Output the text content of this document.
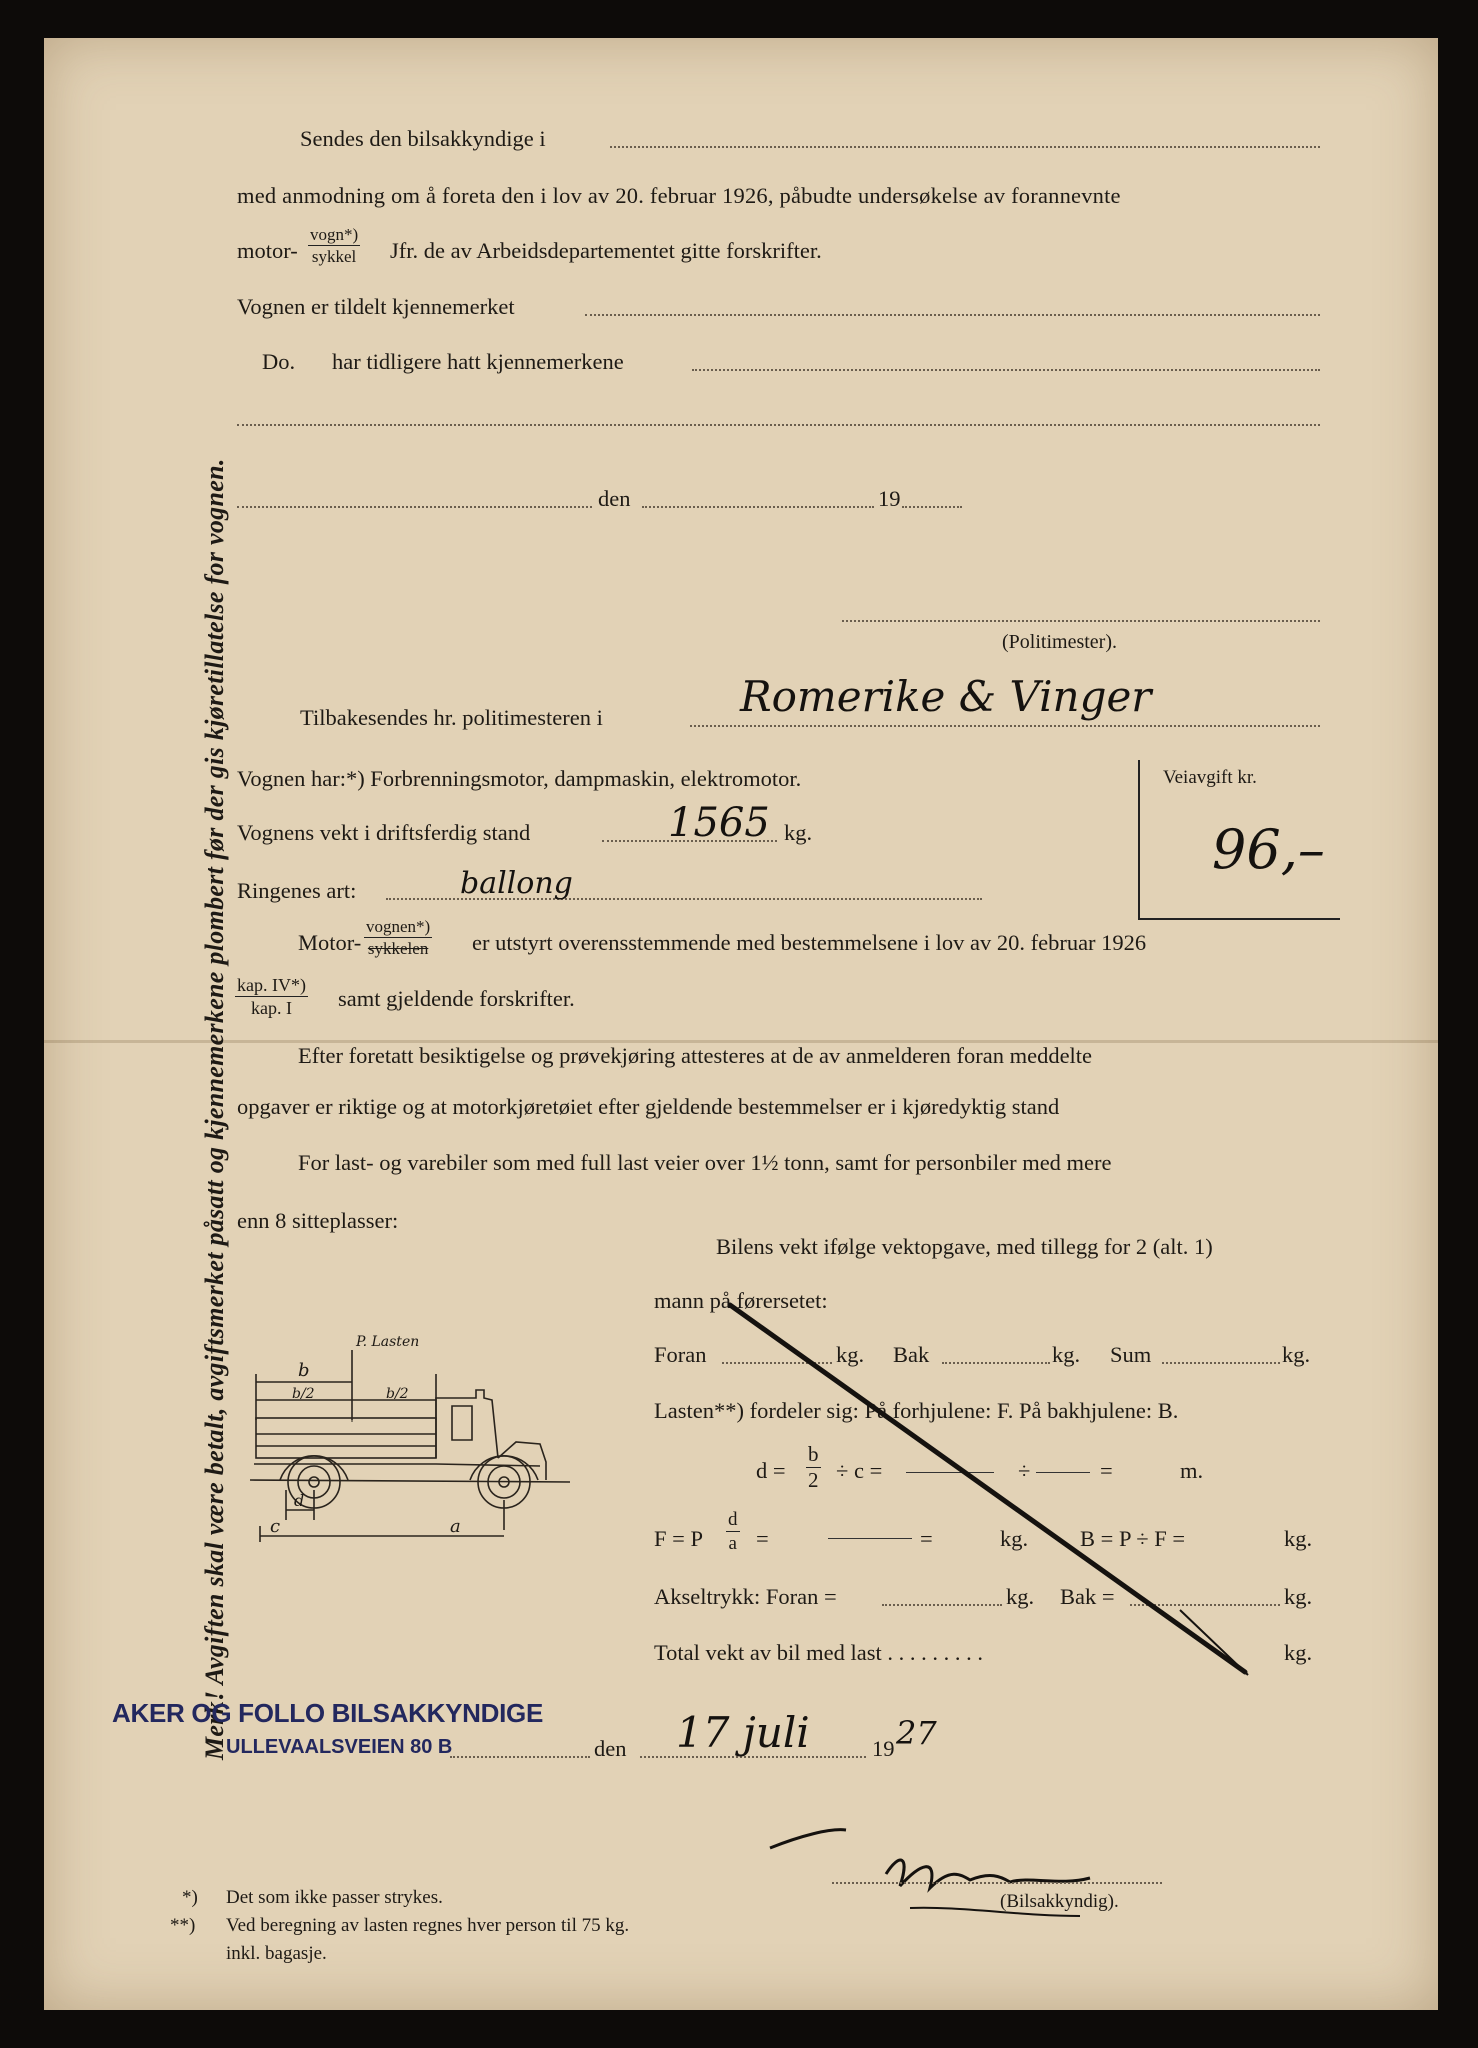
Merk! Avgiften skal være betalt, avgiftsmerket påsatt og kjennemerkene plombert før der gis kjøretillatelse for vognen.
Sendes den bilsakkyndige i
med anmodning om å foreta den i lov av 20. februar 1926, påbudte undersøkelse av forannevnte
motor-
vogn*)
sykkel Jfr. de av Arbeidsdepartementet gitte forskrifter.
Vognen er tildelt kjennemerket
Do. har tidligere hatt kjennemerkene
den	19
(Politimester).
Tilbakesendes hr. politimesteren i	Romerike & Vinger
Vognen har:*) Forbrenningsmotor, dampmaskin, elektromotor.	Veiavgift kr.
96,–
Vognens vekt i driftsferdig stand	1565 kg.
Ringenes art:	ballong
Motor-
vognen*)
sykkelen er utstyrt overensstemmende med bestemmelsene i lov av 20. februar 1926
kap. IV*)
kap. I	samt gjeldende forskrifter.
Efter foretatt besiktigelse og prøvekjøring attesteres at de av anmelderen foran meddelte
opgaver er riktige og at motorkjøretøiet efter gjeldende bestemmelser er i kjøredyktig stand
For last- og varebiler som med full last veier over 1½ tonn, samt for personbiler med mere
enn 8 sitteplasser:
Bilens vekt ifølge vektopgave, med tillegg for 2 (alt. 1)
mann på førersetet:
Foran	kg. Bak	kg. Sum	kg.
Lasten**) fordeler sig: På forhjulene: F. På bakhjulene: B.
$d = \frac{b}{2} \div c$ =	÷	=	m.
F = P $\frac{d}{a}$ =	=	kg. B = P ÷ F =	kg.
Akseltrykk: Foran =	kg. Bak =	kg.
Total vekt av bil med last . . . . . . . . .	kg.
P. Lasten
b
b/2	b/2
c
d
a
AKER OG FOLLO BILSAKKYNDIGE
ULLEVAALSVEIEN 80 B	den 17 juli	19 27
(Bilsakkyndig).
*) Det som ikke passer strykes.
**) Ved beregning av lasten regnes hver person til 75 kg.
inkl. bagasje.
